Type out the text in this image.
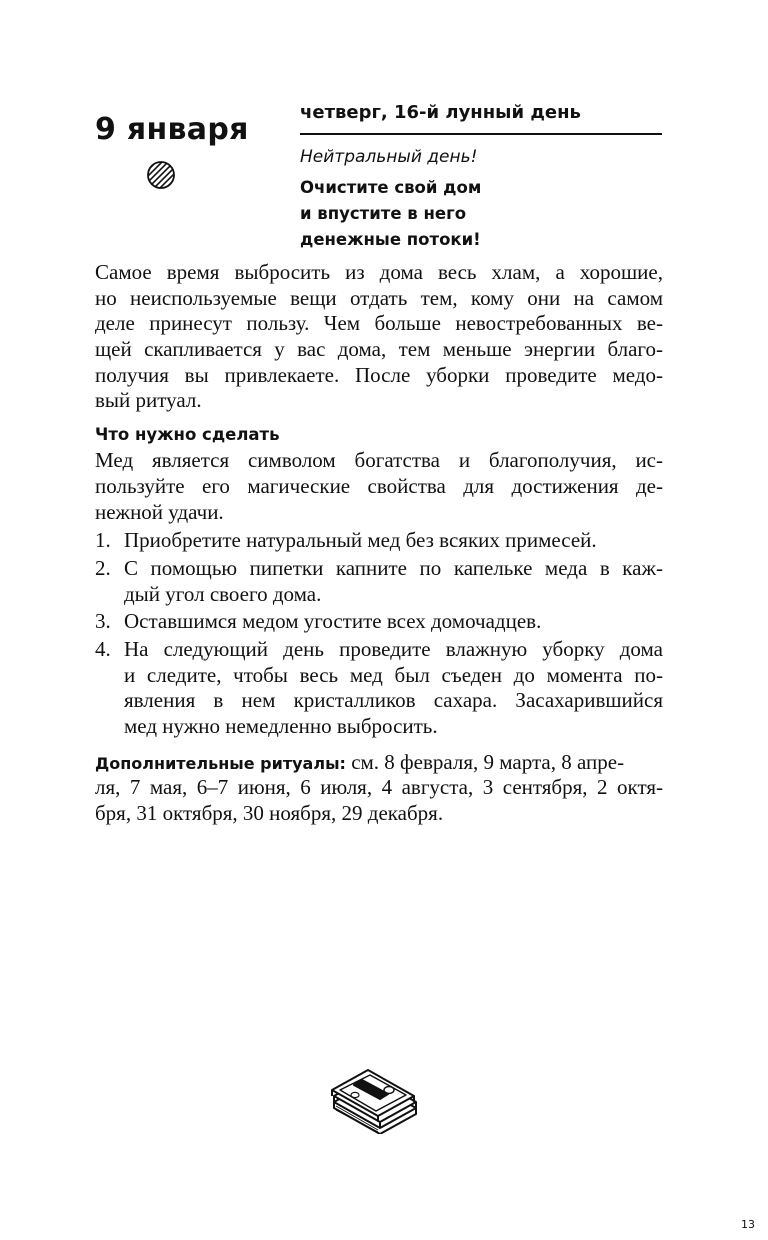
9 января	четверг, 16-й лунный день
Нейтральный день!
Очистите свой дом
и впустите в него
денежные потоки!
Самое время выбросить из дома весь хлам, а хорошие,
но неиспользуемые вещи отдать тем, кому они на самом
деле принесут пользу. Чем больше невостребованных ве-
щей скапливается у вас дома, тем меньше энергии благо-
получия вы привлекаете. После уборки проведите медо-
вый ритуал.
Что нужно сделать
Мед является символом богатства и благополучия, ис-
пользуйте его магические свойства для достижения де-
нежной удачи.
1. Приобретите натуральный мед без всяких примесей.
2. С помощью пипетки капните по капельке меда в каж-
дый угол своего дома.
3. Оставшимся медом угостите всех домочадцев.
4. На следующий день проведите влажную уборку дома
и следите, чтобы весь мед был съеден до момента по-
явления в нем кристалликов сахара. Засахарившийся
мед нужно немедленно выбросить.
Дополнительные ритуалы: см. 8 февраля, 9 марта, 8 апре-
ля, 7 мая, 6–7 июня, 6 июля, 4 августа, 3 сентября, 2 октя-
бря, 31 октября, 30 ноября, 29 декабря.
13
